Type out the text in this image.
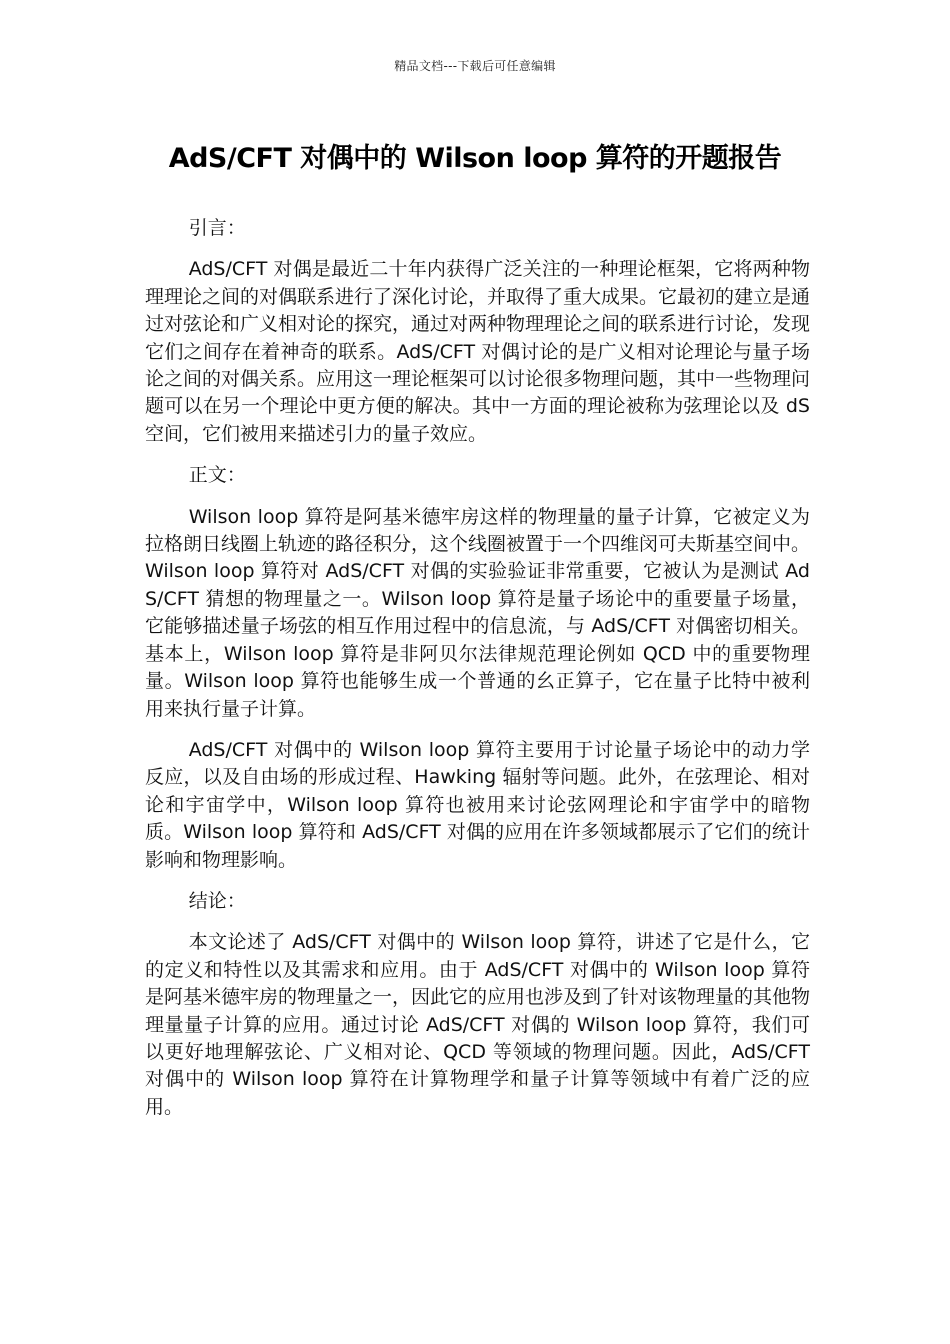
精品文档---下载后可任意编辑
AdS/CFT 对偶中的 Wilson loop 算符的开题报告

引言：

AdS/CFT 对偶是最近二十年内获得广泛关注的一种理论框架，它将两种物理理论之间的对偶联系进行了深化讨论，并取得了重大成果。它最初的建立是通过对弦论和广义相对论的探究，通过对两种物理理论之间的联系进行讨论，发现它们之间存在着神奇的联系。AdS/CFT 对偶讨论的是广义相对论理论与量子场论之间的对偶关系。应用这一理论框架可以讨论很多物理问题，其中一些物理问题可以在另一个理论中更方便的解决。其中一方面的理论被称为弦理论以及 dS 空间，它们被用来描述引力的量子效应。

正文：

Wilson loop 算符是阿基米德牢房这样的物理量的量子计算，它被定义为拉格朗日线圈上轨迹的路径积分，这个线圈被置于一个四维闵可夫斯基空间中。Wilson loop 算符对 AdS/CFT 对偶的实验验证非常重要，它被认为是测试 AdS/CFT 猜想的物理量之一。Wilson loop 算符是量子场论中的重要量子场量，它能够描述量子场弦的相互作用过程中的信息流，与 AdS/CFT 对偶密切相关。基本上，Wilson loop 算符是非阿贝尔法律规范理论例如 QCD 中的重要物理量。Wilson loop 算符也能够生成一个普通的幺正算子，它在量子比特中被利用来执行量子计算。

AdS/CFT 对偶中的 Wilson loop 算符主要用于讨论量子场论中的动力学反应，以及自由场的形成过程、Hawking 辐射等问题。此外，在弦理论、相对论和宇宙学中，Wilson loop 算符也被用来讨论弦网理论和宇宙学中的暗物质。Wilson loop 算符和 AdS/CFT 对偶的应用在许多领域都展示了它们的统计影响和物理影响。

结论：

本文论述了 AdS/CFT 对偶中的 Wilson loop 算符，讲述了它是什么，它的定义和特性以及其需求和应用。由于 AdS/CFT 对偶中的 Wilson loop 算符是阿基米德牢房的物理量之一，因此它的应用也涉及到了针对该物理量的其他物理量量子计算的应用。通过讨论 AdS/CFT 对偶的 Wilson loop 算符，我们可以更好地理解弦论、广义相对论、QCD 等领域的物理问题。因此，AdS/CFT 对偶中的 Wilson loop 算符在计算物理学和量子计算等领域中有着广泛的应用。
